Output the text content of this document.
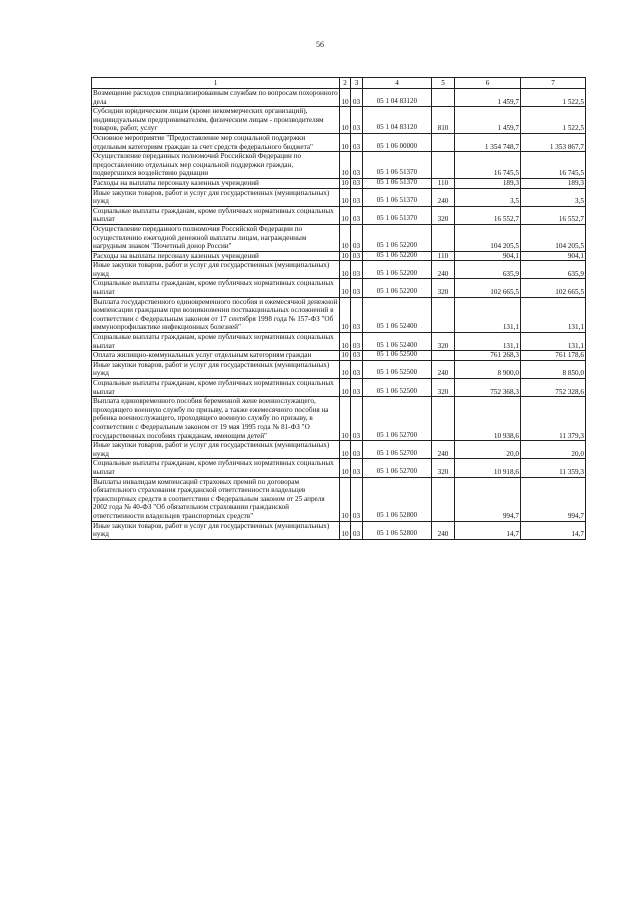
56
1	2	3	4	5	6	7
Возмещение расходов специализированным службам по вопросам похоронного дела	10	03	05 1 04 83120		1 459,7	1 522,5
Субсидии юридическим лицам (кроме некоммерческих организаций), индивидуальным предпринимателям, физическим лицам - производителям товаров, работ, услуг	10	03	05 1 04 83120	810	1 459,7	1 522,5
Основное мероприятие "Предоставление мер социальной поддержки отдельным категориям граждан за счет средств федерального бюджета"	10	03	05 1 06 00000		1 354 748,7	1 353 867,7
Осуществление переданных полномочий Российской Федерации по предоставлению отдельных мер социальной поддержки граждан, подвергшихся воздействию радиации	10	03	05 1 06 51370		16 745,5	16 745,5
Расходы на выплаты персоналу казенных учреждений	10	03	05 1 06 51370	110	189,3	189,3
Иные закупки товаров, работ и услуг для государственных (муниципальных) нужд	10	03	05 1 06 51370	240	3,5	3,5
Социальные выплаты гражданам, кроме публичных нормативных социальных выплат	10	03	05 1 06 51370	320	16 552,7	16 552,7
Осуществление переданного полномочия Российской Федерации по осуществлению ежегодной денежной выплаты лицам, награжденным нагрудным знаком "Почетный донор России"	10	03	05 1 06 52200		104 205,5	104 205,5
Расходы на выплаты персоналу казенных учреждений	10	03	05 1 06 52200	110	904,1	904,1
Иные закупки товаров, работ и услуг для государственных (муниципальных) нужд	10	03	05 1 06 52200	240	635,9	635,9
Социальные выплаты гражданам, кроме публичных нормативных социальных выплат	10	03	05 1 06 52200	320	102 665,5	102 665,5
Выплата государственного единовременного пособия и ежемесячной денежной компенсации гражданам при возникновении поствакцинальных осложнений в соответствии с Федеральным законом от 17 сентября 1998 года № 157-ФЗ "Об иммунопрофилактике инфекционных болезней"	10	03	05 1 06 52400		131,1	131,1
Социальные выплаты гражданам, кроме публичных нормативных социальных выплат	10	03	05 1 06 52400	320	131,1	131,1
Оплата жилищно-коммунальных услуг отдельным категориям граждан	10	03	05 1 06 52500		761 268,3	761 178,6
Иные закупки товаров, работ и услуг для государственных (муниципальных) нужд	10	03	05 1 06 52500	240	8 900,0	8 850,0
Социальные выплаты гражданам, кроме публичных нормативных социальных выплат	10	03	05 1 06 52500	320	752 368,3	752 328,6
Выплата единовременного пособия беременной жене военнослужащего, проходящего военную службу по призыву, а также ежемесячного пособия на ребенка военнослужащего, проходящего военную службу по призыву, в соответствии с Федеральным законом от 19 мая 1995 года № 81-ФЗ "О государственных пособиях гражданам, имеющим детей"	10	03	05 1 06 52700		10 938,6	11 379,3
Иные закупки товаров, работ и услуг для государственных (муниципальных) нужд	10	03	05 1 06 52700	240	20,0	20,0
Социальные выплаты гражданам, кроме публичных нормативных социальных выплат	10	03	05 1 06 52700	320	10 918,6	11 359,3
Выплаты инвалидам компенсаций страховых премий по договорам обязательного страхования гражданской ответственности владельцев транспортных средств в соответствии с Федеральным законом от 25 апреля 2002 года № 40-ФЗ "Об обязательном страховании гражданской ответственности владельцев транспортных средств"	10	03	05 1 06 52800		994,7	994,7
Иные закупки товаров, работ и услуг для государственных (муниципальных) нужд	10	03	05 1 06 52800	240	14,7	14,7
